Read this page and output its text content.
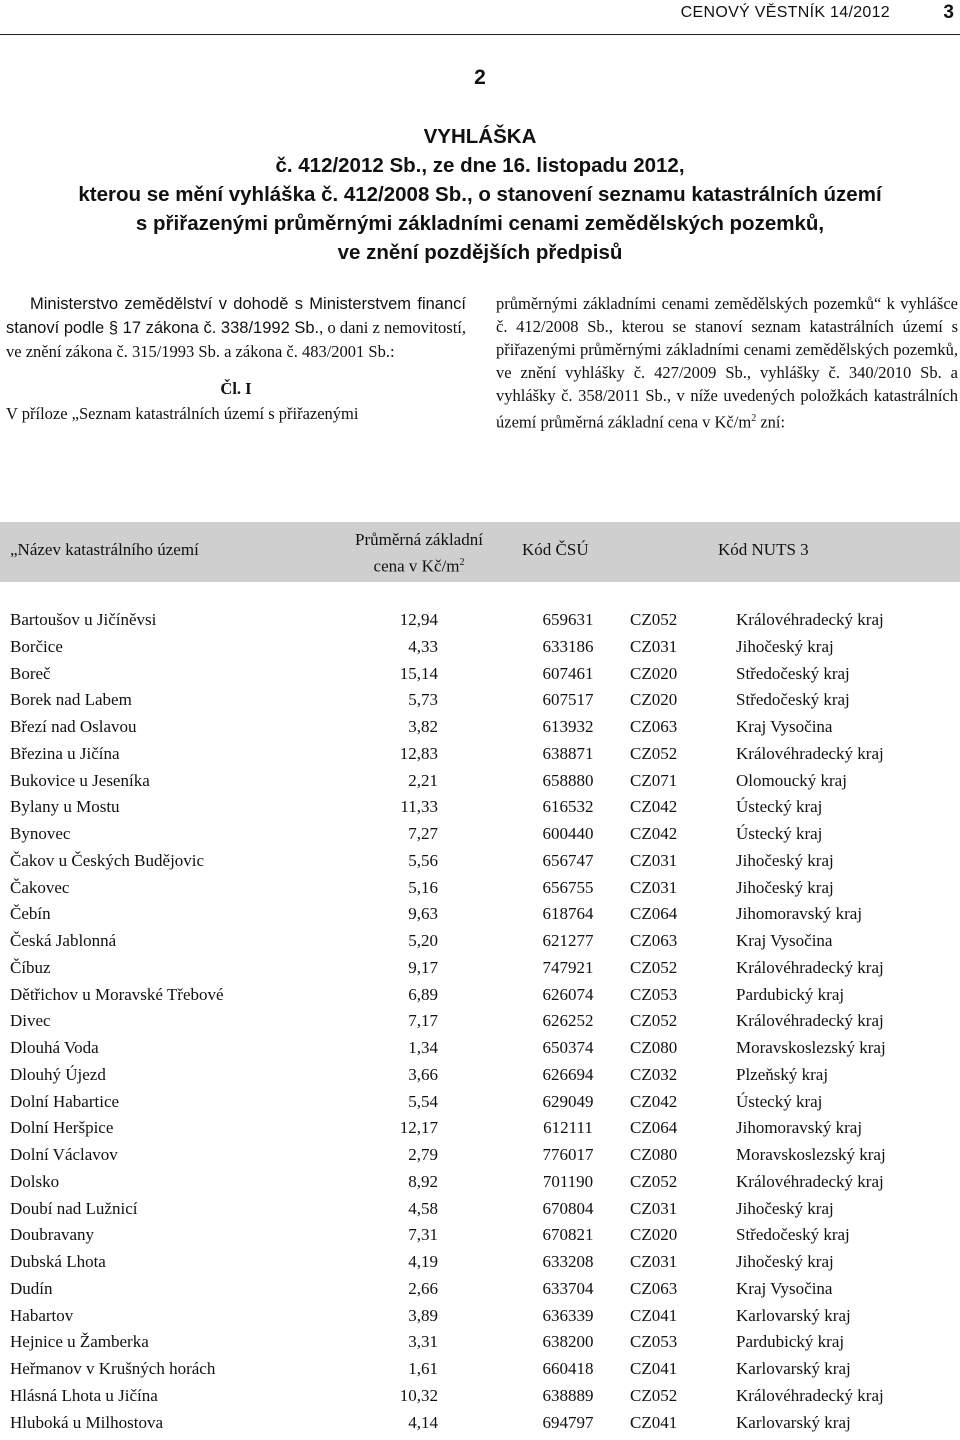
CENOVÝ VĚSTNÍK 14/2012	3
2
VYHLÁŠKA
č. 412/2012 Sb., ze dne 16. listopadu 2012,
kterou se mění vyhláška č. 412/2008 Sb., o stanovení seznamu katastrálních území
s přiřazenými průměrnými základními cenami zemědělských pozemků,
ve znění pozdějších předpisů

Ministerstvo zemědělství v dohodě s Ministerstvem financí stanoví podle § 17 zákona č. 338/1992 Sb., o dani z nemovitostí, ve znění zákona č. 315/1993 Sb. a zákona č. 483/2001 Sb.:

Čl. I

V příloze „Seznam katastrálních území s přiřazenými

průměrnými základními cenami zemědělských pozemků“ k vyhlášce č. 412/2008 Sb., kterou se stanoví seznam katastrálních území s přiřazenými průměrnými základními cenami zemědělských pozemků, ve znění vyhlášky č. 427/2009 Sb., vyhlášky č. 340/2010 Sb. a vyhlášky č. 358/2011 Sb., v níže uvedených položkách katastrálních území průměrná základní cena v $Kč/m^2$ zní:

„Název katastrálního území
Průměrná základní
cena v $Kč/m^2$
Kód ČSÚ	Kód NUTS 3
Bartoušov u Jičíněvsi	12,94	659631	CZ052	Královéhradecký kraj
Borčice	4,33	633186	CZ031	Jihočeský kraj
Boreč	15,14	607461	CZ020	Středočeský kraj
Borek nad Labem	5,73	607517	CZ020	Středočeský kraj
Březí nad Oslavou	3,82	613932	CZ063	Kraj Vysočina
Březina u Jičína	12,83	638871	CZ052	Královéhradecký kraj
Bukovice u Jeseníka	2,21	658880	CZ071	Olomoucký kraj
Bylany u Mostu	11,33	616532	CZ042	Ústecký kraj
Bynovec	7,27	600440	CZ042	Ústecký kraj
Čakov u Českých Budějovic	5,56	656747	CZ031	Jihočeský kraj
Čakovec	5,16	656755	CZ031	Jihočeský kraj
Čebín	9,63	618764	CZ064	Jihomoravský kraj
Česká Jablonná	5,20	621277	CZ063	Kraj Vysočina
Číbuz	9,17	747921	CZ052	Královéhradecký kraj
Dětřichov u Moravské Třebové	6,89	626074	CZ053	Pardubický kraj
Divec	7,17	626252	CZ052	Královéhradecký kraj
Dlouhá Voda	1,34	650374	CZ080	Moravskoslezský kraj
Dlouhý Újezd	3,66	626694	CZ032	Plzeňský kraj
Dolní Habartice	5,54	629049	CZ042	Ústecký kraj
Dolní Heršpice	12,17	612111	CZ064	Jihomoravský kraj
Dolní Václavov	2,79	776017	CZ080	Moravskoslezský kraj
Dolsko	8,92	701190	CZ052	Královéhradecký kraj
Doubí nad Lužnicí	4,58	670804	CZ031	Jihočeský kraj
Doubravany	7,31	670821	CZ020	Středočeský kraj
Dubská Lhota	4,19	633208	CZ031	Jihočeský kraj
Dudín	2,66	633704	CZ063	Kraj Vysočina
Habartov	3,89	636339	CZ041	Karlovarský kraj
Hejnice u Žamberka	3,31	638200	CZ053	Pardubický kraj
Heřmanov v Krušných horách	1,61	660418	CZ041	Karlovarský kraj
Hlásná Lhota u Jičína	10,32	638889	CZ052	Královéhradecký kraj
Hluboká u Milhostova	4,14	694797	CZ041	Karlovarský kraj
